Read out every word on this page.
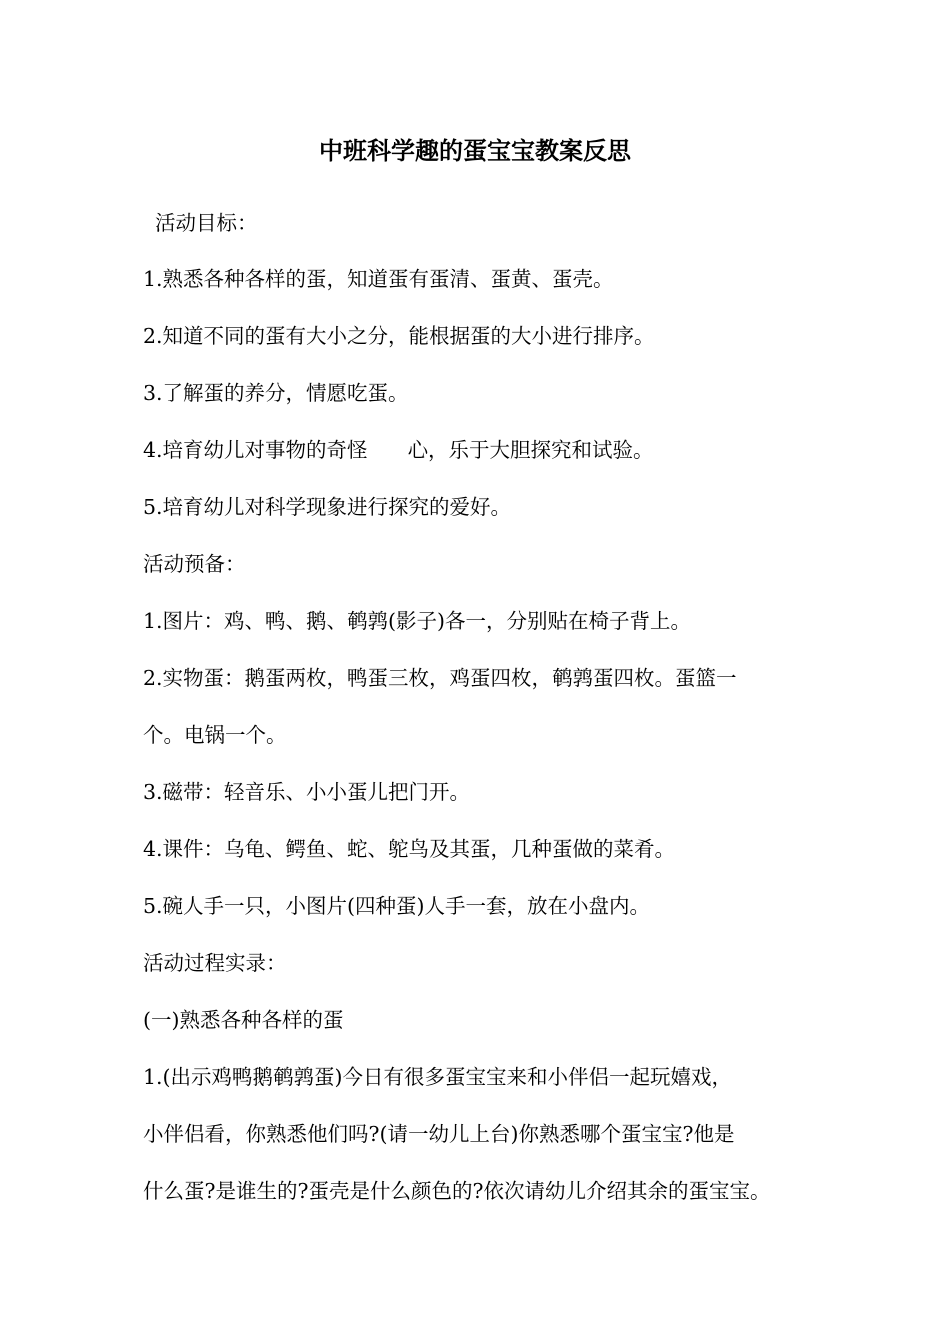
中班科学趣的蛋宝宝教案反思
活动目标：
1.熟悉各种各样的蛋，知道蛋有蛋清、蛋黄、蛋壳。
2.知道不同的蛋有大小之分，能根据蛋的大小进行排序。
3.了解蛋的养分，情愿吃蛋。
4.培育幼儿对事物的奇怪 心，乐于大胆探究和试验。
5.培育幼儿对科学现象进行探究的爱好。
活动预备：
1.图片：鸡、鸭、鹅、鹌鹑(影子)各一，分别贴在椅子背上。
2.实物蛋：鹅蛋两枚，鸭蛋三枚，鸡蛋四枚，鹌鹑蛋四枚。蛋篮一
个。电锅一个。
3.磁带：轻音乐、小小蛋儿把门开。
4.课件：乌龟、鳄鱼、蛇、鸵鸟及其蛋，几种蛋做的菜肴。
5.碗人手一只，小图片(四种蛋)人手一套，放在小盘内。
活动过程实录：
(一)熟悉各种各样的蛋
1.(出示鸡鸭鹅鹌鹑蛋)今日有很多蛋宝宝来和小伴侣一起玩嬉戏，
小伴侣看，你熟悉他们吗?(请一幼儿上台)你熟悉哪个蛋宝宝?他是
什么蛋?是谁生的?蛋壳是什么颜色的?依次请幼儿介绍其余的蛋宝宝。
